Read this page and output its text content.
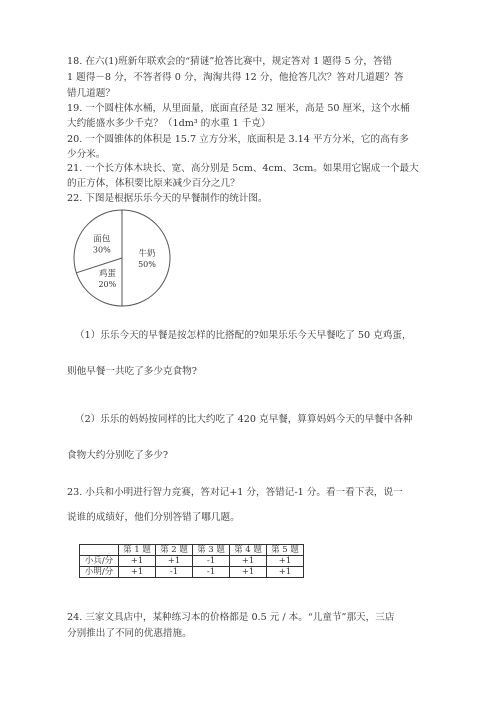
18. 在六(1)班新年联欢会的“猜谜”抢答比赛中，规定答对 1 题得 5 分，答错
1 题得－8 分，不答者得 0 分，淘淘共得 12 分，他抢答几次？答对几道题？答
错几道题？
19. 一个圆柱体水桶，从里面量，底面直径是 32 厘米，高是 50 厘米，这个水桶
大约能盛水多少千克？（1dm³ 的水重 1 千克）
20. 一个圆锥体的体积是 15.7 立方分米，底面积是 3.14 平方分米，它的高有多
少分米。
21. 一个长方体木块长、宽、高分别是 5cm、4cm、3cm。如果用它锯成一个最大
的正方体，体积要比原来减少百分之几？
22. 下图是根据乐乐今天的早餐制作的统计图。
牛奶
50%
鸡蛋
20%
面包
30%
（1）乐乐今天的早餐是按怎样的比搭配的?如果乐乐今天早餐吃了 50 克鸡蛋，
则他早餐一共吃了多少克食物?
（2）乐乐的妈妈按同样的比大约吃了 420 克早餐，算算妈妈今天的早餐中各种
食物大约分别吃了多少?
23. 小兵和小明进行智力竞赛，答对记+1 分，答错记-1 分。看一看下表，说一
说谁的成绩好，他们分别答错了哪几题。
	第 1 题	第 2 题	第 3 题	第 4 题	第 5 题
小兵/分	+1	+1	-1	+1	+1
小明/分	+1	-1	-1	+1	+1
24. 三家文具店中，某种练习本的价格都是 0.5 元 / 本。“儿童节”那天，三店
分别推出了不同的优惠措施。
